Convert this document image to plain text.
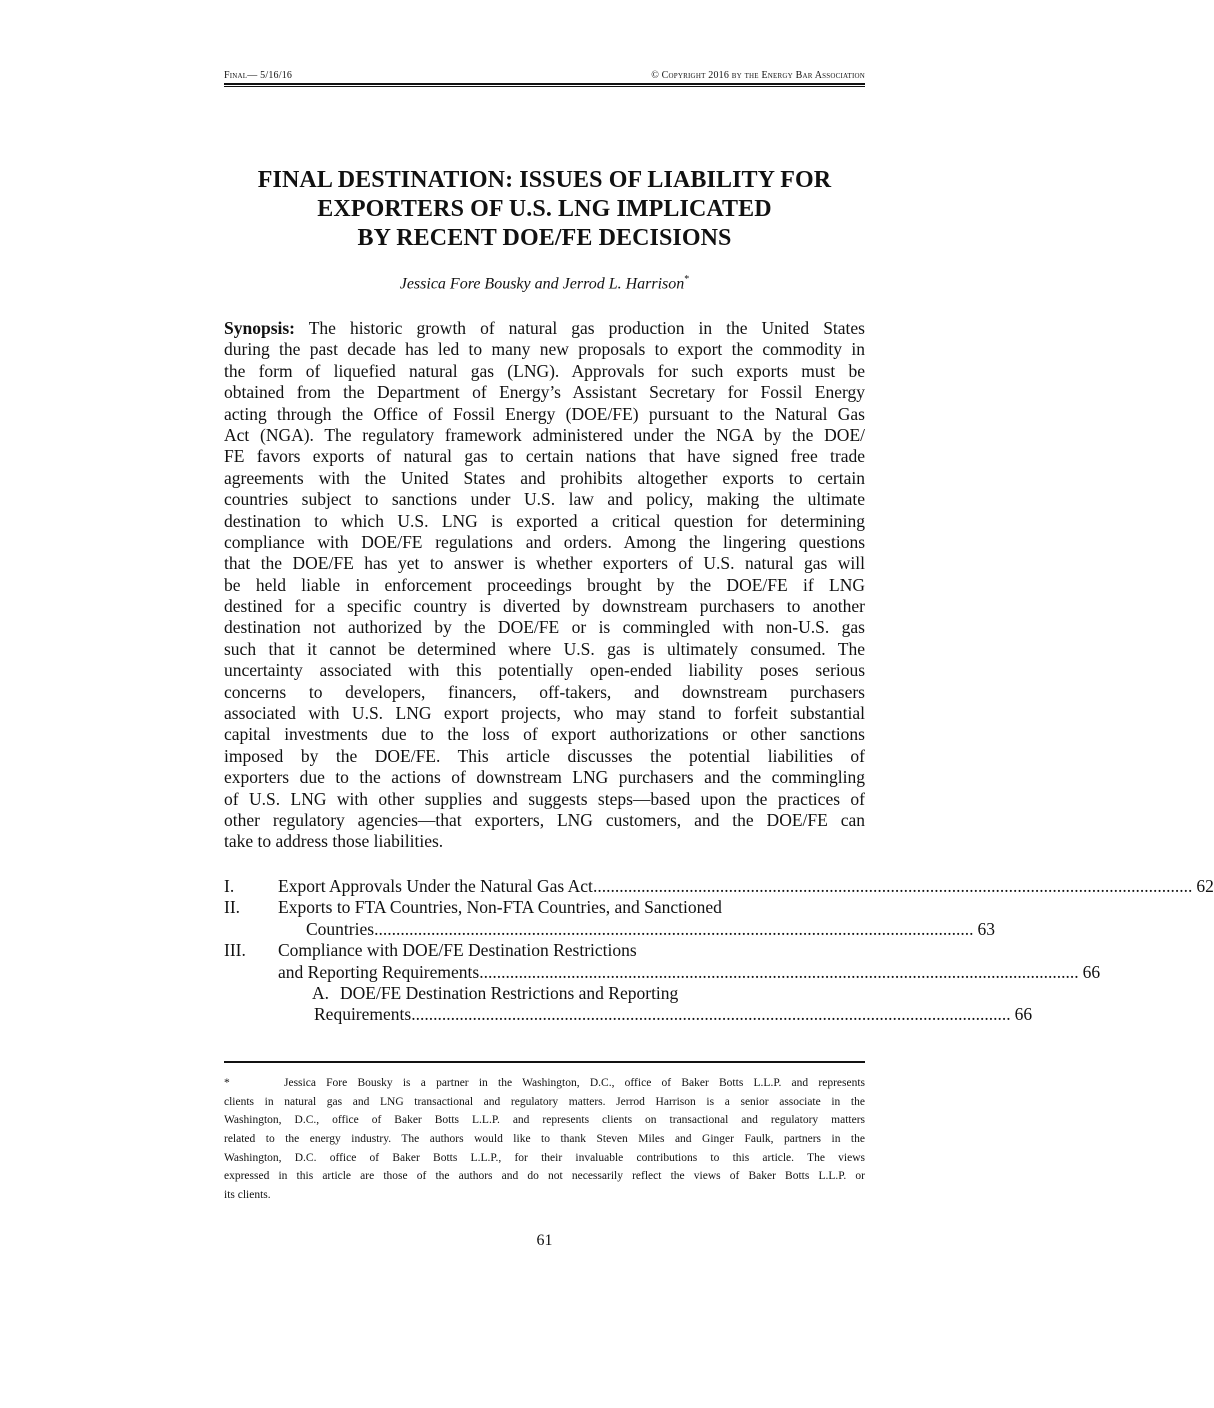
Final— 5/16/16	© Copyright 2016 by the Energy Bar Association
FINAL DESTINATION: ISSUES OF LIABILITY FOR
EXPORTERS OF U.S. LNG IMPLICATED
BY RECENT DOE/FE DECISIONS
Jessica Fore Bousky and Jerrod L. Harrison*
Synopsis: The historic growth of natural gas production in the United States
during the past decade has led to many new proposals to export the commodity in
the form of liquefied natural gas (LNG). Approvals for such exports must be
obtained from the Department of Energy’s Assistant Secretary for Fossil Energy
acting through the Office of Fossil Energy (DOE/FE) pursuant to the Natural Gas
Act (NGA). The regulatory framework administered under the NGA by the DOE/
FE favors exports of natural gas to certain nations that have signed free trade
agreements with the United States and prohibits altogether exports to certain
countries subject to sanctions under U.S. law and policy, making the ultimate
destination to which U.S. LNG is exported a critical question for determining
compliance with DOE/FE regulations and orders. Among the lingering questions
that the DOE/FE has yet to answer is whether exporters of U.S. natural gas will
be held liable in enforcement proceedings brought by the DOE/FE if LNG
destined for a specific country is diverted by downstream purchasers to another
destination not authorized by the DOE/FE or is commingled with non-U.S. gas
such that it cannot be determined where U.S. gas is ultimately consumed. The
uncertainty associated with this potentially open-ended liability poses serious
concerns to developers, financers, off-takers, and downstream purchasers
associated with U.S. LNG export projects, who may stand to forfeit substantial
capital investments due to the loss of export authorizations or other sanctions
imposed by the DOE/FE. This article discusses the potential liabilities of
exporters due to the actions of downstream LNG purchasers and the commingling
of U.S. LNG with other supplies and suggests steps—based upon the practices of
other regulatory agencies—that exporters, LNG customers, and the DOE/FE can
take to address those liabilities.
I.	Export Approvals Under the Natural Gas Act ......................................................................................................................................... 62
II. Exports to FTA Countries, Non-FTA Countries, and Sanctioned
Countries ......................................................................................................................................... 63
III. Compliance with DOE/FE Destination Restrictions
and Reporting Requirements ......................................................................................................................................... 66
A. DOE/FE Destination Restrictions and Reporting
Requirements ......................................................................................................................................... 66
*	Jessica Fore Bousky is a partner in the Washington, D.C., office of Baker Botts L.L.P. and represents
clients in natural gas and LNG transactional and regulatory matters. Jerrod Harrison is a senior associate in the
Washington, D.C., office of Baker Botts L.L.P. and represents clients on transactional and regulatory matters
related to the energy industry. The authors would like to thank Steven Miles and Ginger Faulk, partners in the
Washington, D.C. office of Baker Botts L.L.P., for their invaluable contributions to this article. The views
expressed in this article are those of the authors and do not necessarily reflect the views of Baker Botts L.L.P. or
its clients.
61
